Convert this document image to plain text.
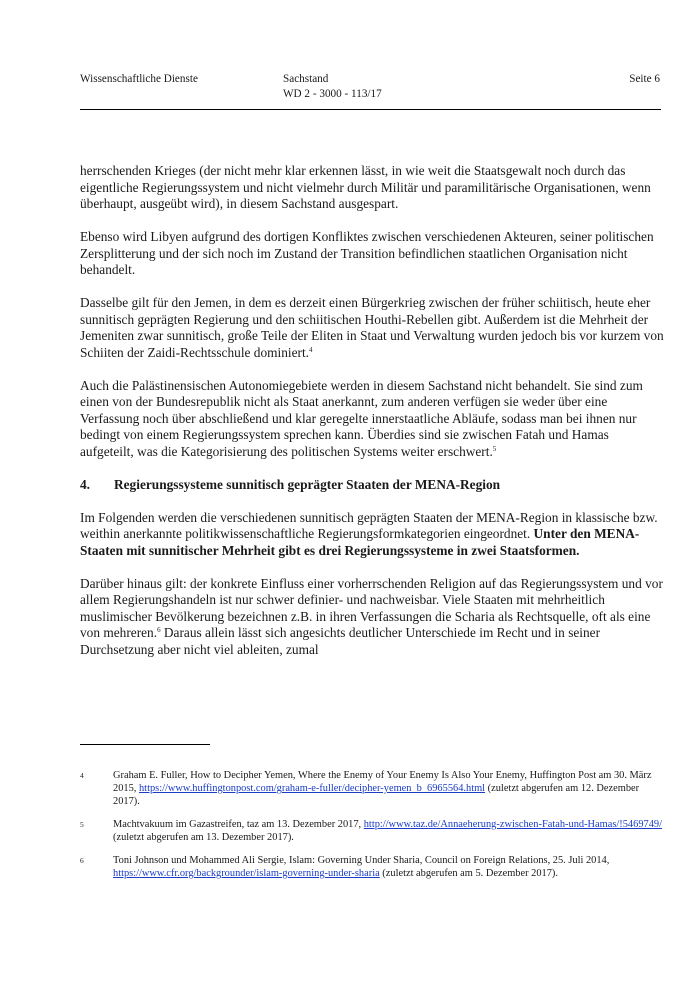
Wissenschaftliche Dienste	Sachstand
WD 2 - 3000 - 113/17
Seite 6

herrschenden Krieges (der nicht mehr klar erkennen lässt, in wie weit die Staatsgewalt noch durch das eigentliche Regierungssystem und nicht vielmehr durch Militär und paramilitärische Organisationen, wenn überhaupt, ausgeübt wird), in diesem Sachstand ausgespart.

Ebenso wird Libyen aufgrund des dortigen Konfliktes zwischen verschiedenen Akteuren, seiner politischen Zersplitterung und der sich noch im Zustand der Transition befindlichen staatlichen Organisation nicht behandelt.

Dasselbe gilt für den Jemen, in dem es derzeit einen Bürgerkrieg zwischen der früher schiitisch, heute eher sunnitisch geprägten Regierung und den schiitischen Houthi-Rebellen gibt. Außerdem ist die Mehrheit der Jemeniten zwar sunnitisch, große Teile der Eliten in Staat und Verwaltung wurden jedoch bis vor kurzem von Schiiten der Zaidi-Rechtsschule dominiert.$^4$

Auch die Palästinensischen Autonomiegebiete werden in diesem Sachstand nicht behandelt. Sie sind zum einen von der Bundesrepublik nicht als Staat anerkannt, zum anderen verfügen sie weder über eine Verfassung noch über abschließend und klar geregelte innerstaatliche Abläufe, sodass man bei ihnen nur bedingt von einem Regierungssystem sprechen kann. Überdies sind sie zwischen Fatah und Hamas aufgeteilt, was die Kategorisierung des politischen Systems weiter erschwert.$^5$

4. Regierungssysteme sunnitisch geprägter Staaten der MENA-Region

Im Folgenden werden die verschiedenen sunnitisch geprägten Staaten der MENA-Region in klassische bzw. weithin anerkannte politikwissenschaftliche Regierungsformkategorien eingeordnet. Unter den MENA-Staaten mit sunnitischer Mehrheit gibt es drei Regierungssysteme in zwei Staatsformen.

Darüber hinaus gilt: der konkrete Einfluss einer vorherrschenden Religion auf das Regierungssystem und vor allem Regierungshandeln ist nur schwer definier- und nachweisbar. Viele Staaten mit mehrheitlich muslimischer Bevölkerung bezeichnen z.B. in ihren Verfassungen die Scharia als Rechtsquelle, oft als eine von mehreren.$^6$ Daraus allein lässt sich angesichts deutlicher Unterschiede im Recht und in seiner Durchsetzung aber nicht viel ableiten, zumal

4	Graham E. Fuller, How to Decipher Yemen, Where the Enemy of Your Enemy Is Also Your Enemy, Huffington Post am 30. März 2015, https://www.huffingtonpost.com/graham-e-fuller/decipher-yemen_b_6965564.html (zuletzt abgerufen am 12. Dezember 2017).
5	Machtvakuum im Gazastreifen, taz am 13. Dezember 2017, http://www.taz.de/Annaeherung-zwischen-Fatah-und-Hamas/!5469749/ (zuletzt abgerufen am 13. Dezember 2017).
6	Toni Johnson und Mohammed Ali Sergie, Islam: Governing Under Sharia, Council on Foreign Relations, 25. Juli 2014, https://www.cfr.org/backgrounder/islam-governing-under-sharia (zuletzt abgerufen am 5. Dezember 2017).
